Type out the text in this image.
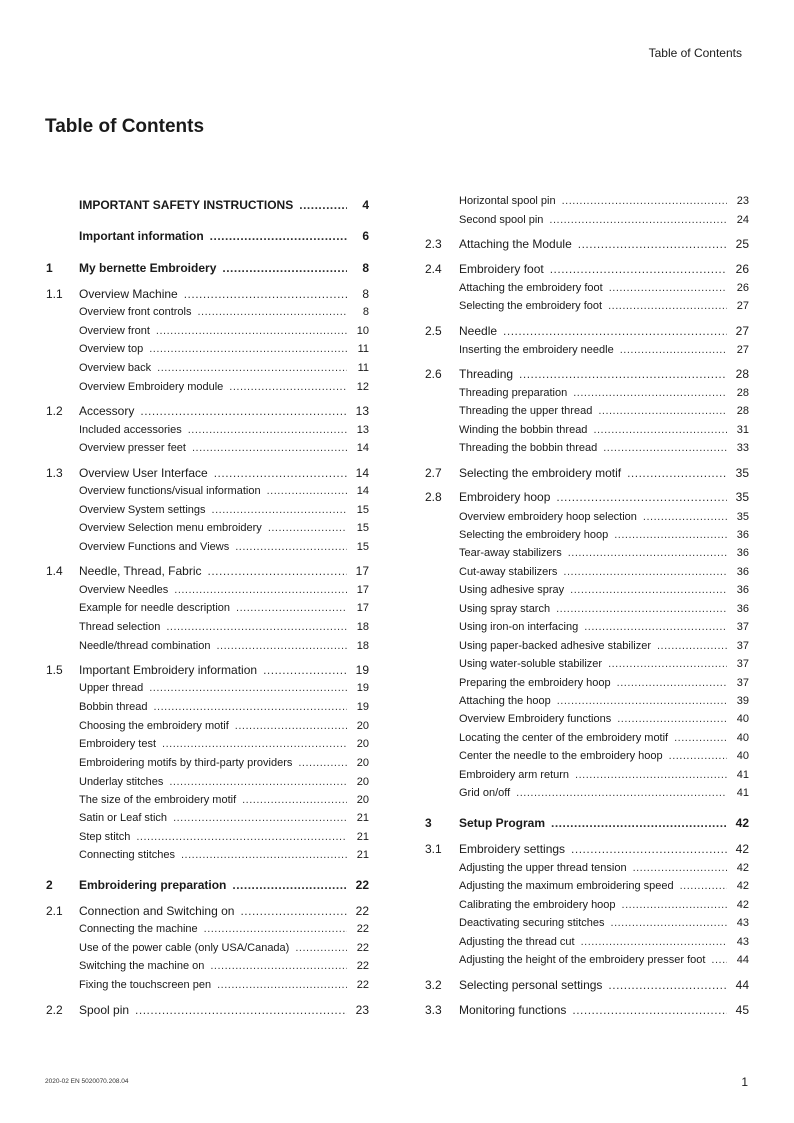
Table of Contents
Table of Contents
IMPORTANT SAFETY INSTRUCTIONS .....	4
Important information .....	6
1 My bernette Embroidery .....	8
1.1 Overview Machine .....	8
Overview front controls .....	8
Overview front .....	10
Overview top .....	11
Overview back .....	11
Overview Embroidery module .....	12
1.2 Accessory .....	13
Included accessories .....	13
Overview presser feet .....	14
1.3 Overview User Interface .....	14
Overview functions/visual information .....	14
Overview System settings .....	15
Overview Selection menu embroidery .....	15
Overview Functions and Views .....	15
1.4 Needle, Thread, Fabric .....	17
Overview Needles .....	17
Example for needle description .....	17
Thread selection .....	18
Needle/thread combination .....	18
1.5 Important Embroidery information .....	19
Upper thread .....	19
Bobbin thread .....	19
Choosing the embroidery motif .....	20
Embroidery test .....	20
Embroidering motifs by third-party providers .....	20
Underlay stitches .....	20
The size of the embroidery motif .....	20
Satin or Leaf stich .....	21
Step stitch .....	21
Connecting stitches .....	21
2 Embroidering preparation .....	22
2.1 Connection and Switching on .....	22
Connecting the machine .....	22
Use of the power cable (only USA/Canada) .....	22
Switching the machine on .....	22
Fixing the touchscreen pen .....	22
2.2 Spool pin .....	23
Horizontal spool pin .....	23
Second spool pin .....	24
2.3 Attaching the Module .....	25
2.4 Embroidery foot .....	26
Attaching the embroidery foot .....	26
Selecting the embroidery foot .....	27
2.5 Needle .....	27
Inserting the embroidery needle .....	27
2.6 Threading .....	28
Threading preparation .....	28
Threading the upper thread .....	28
Winding the bobbin thread .....	31
Threading the bobbin thread .....	33
2.7 Selecting the embroidery motif .....	35
2.8 Embroidery hoop .....	35
Overview embroidery hoop selection .....	35
Selecting the embroidery hoop .....	36
Tear-away stabilizers .....	36
Cut-away stabilizers .....	36
Using adhesive spray .....	36
Using spray starch .....	36
Using iron-on interfacing .....	37
Using paper-backed adhesive stabilizer .....	37
Using water-soluble stabilizer .....	37
Preparing the embroidery hoop .....	37
Attaching the hoop .....	39
Overview Embroidery functions .....	40
Locating the center of the embroidery motif .....	40
Center the needle to the embroidery hoop .....	40
Embroidery arm return .....	41
Grid on/off .....	41
3 Setup Program .....	42
3.1 Embroidery settings .....	42
Adjusting the upper thread tension .....	42
Adjusting the maximum embroidering speed .....	42
Calibrating the embroidery hoop .....	42
Deactivating securing stitches .....	43
Adjusting the thread cut .....	43
Adjusting the height of the embroidery presser foot .....	44
3.2 Selecting personal settings .....	44
3.3 Monitoring functions .....	45
2020-02 EN 5020070.208.04	1
